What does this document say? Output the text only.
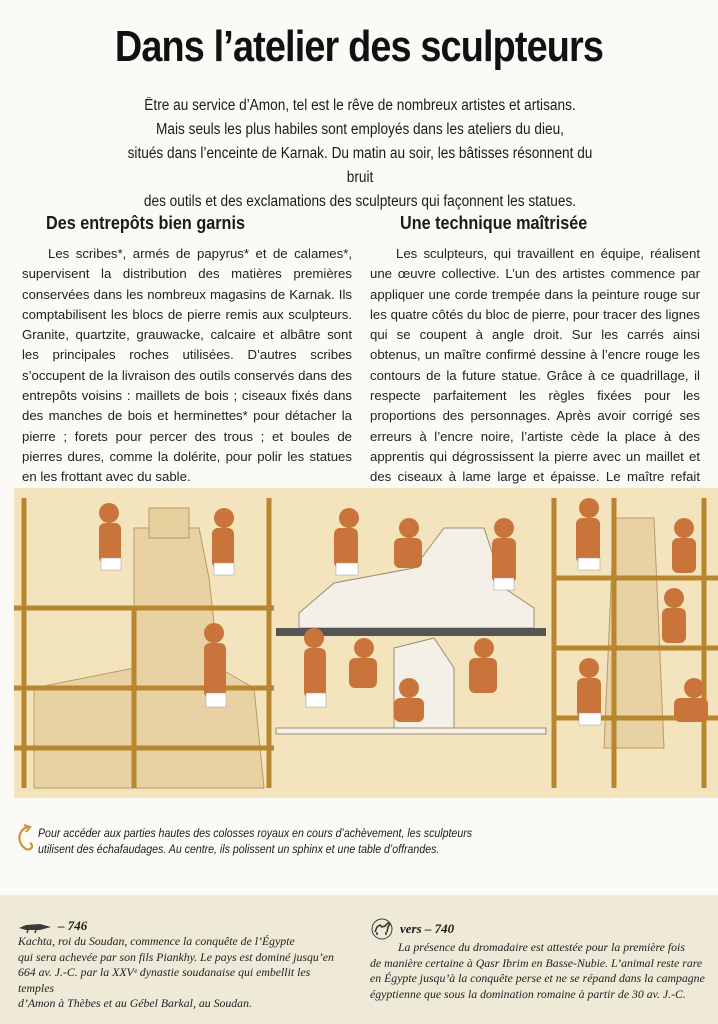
Dans l’atelier des sculpteurs
Être au service d’Amon, tel est le rêve de nombreux artistes et artisans.
Mais seuls les plus habiles sont employés dans les ateliers du dieu,
situés dans l’enceinte de Karnak. Du matin au soir, les bâtisses résonnent du bruit
des outils et des exclamations des sculpteurs qui façonnent les statues.
Des entrepôts bien garnis

Les scribes*, armés de papyrus* et de calames*, supervisent la distribution des matières premières conservées dans les nombreux magasins de Karnak. Ils comptabilisent les blocs de pierre remis aux sculpteurs. Granite, quartzite, grauwacke, calcaire et albâtre sont les principales roches utilisées. D’autres scribes s’occupent de la livraison des outils conservés dans des entrepôts voisins : maillets de bois ; ciseaux fixés dans des manches de bois et herminettes* pour détacher la pierre ; forets pour percer des trous ; et boules de pierres dures, comme la dolérite, pour polir les statues en les frottant avec du sable.

Une technique maîtrisée

Les sculpteurs, qui travaillent en équipe, réalisent une œuvre collective. L’un des artistes commence par appliquer une corde trempée dans la peinture rouge sur les quatre côtés du bloc de pierre, pour tracer des lignes qui se coupent à angle droit. Sur les carrés ainsi obtenus, un maître confirmé dessine à l’encre rouge les contours de la future statue. Grâce à ce quadrillage, il respecte parfaitement les règles fixées pour les proportions des personnages. Après avoir corrigé ses erreurs à l’encre noire, l’artiste cède la place à des apprentis qui dégrossissent la pierre avec un maillet et des ciseaux à lame large et épaisse. Le maître refait

Pour accéder aux parties hautes des colosses royaux en cours d’achèvement, les sculpteurs
utilisent des échafaudages. Au centre, ils polissent un sphinx et une table d’offrandes.
– 746
Kachta, roi du Soudan, commence la conquête de l’Égypte
qui sera achevée par son fils Piankhy. Le pays est dominé jusqu’en
664 av. J.-C. par la XXVᵉ dynastie soudanaise qui embellit les temples
d’Amon à Thèbes et au Gébel Barkal, au Soudan.
vers – 740
La présence du dromadaire est attestée pour la première fois
de manière certaine à Qasr Ibrim en Basse-Nubie. L’animal reste rare
en Égypte jusqu’à la conquête perse et ne se répand dans la campagne
égyptienne que sous la domination romaine à partir de 30 av. J.-C.
